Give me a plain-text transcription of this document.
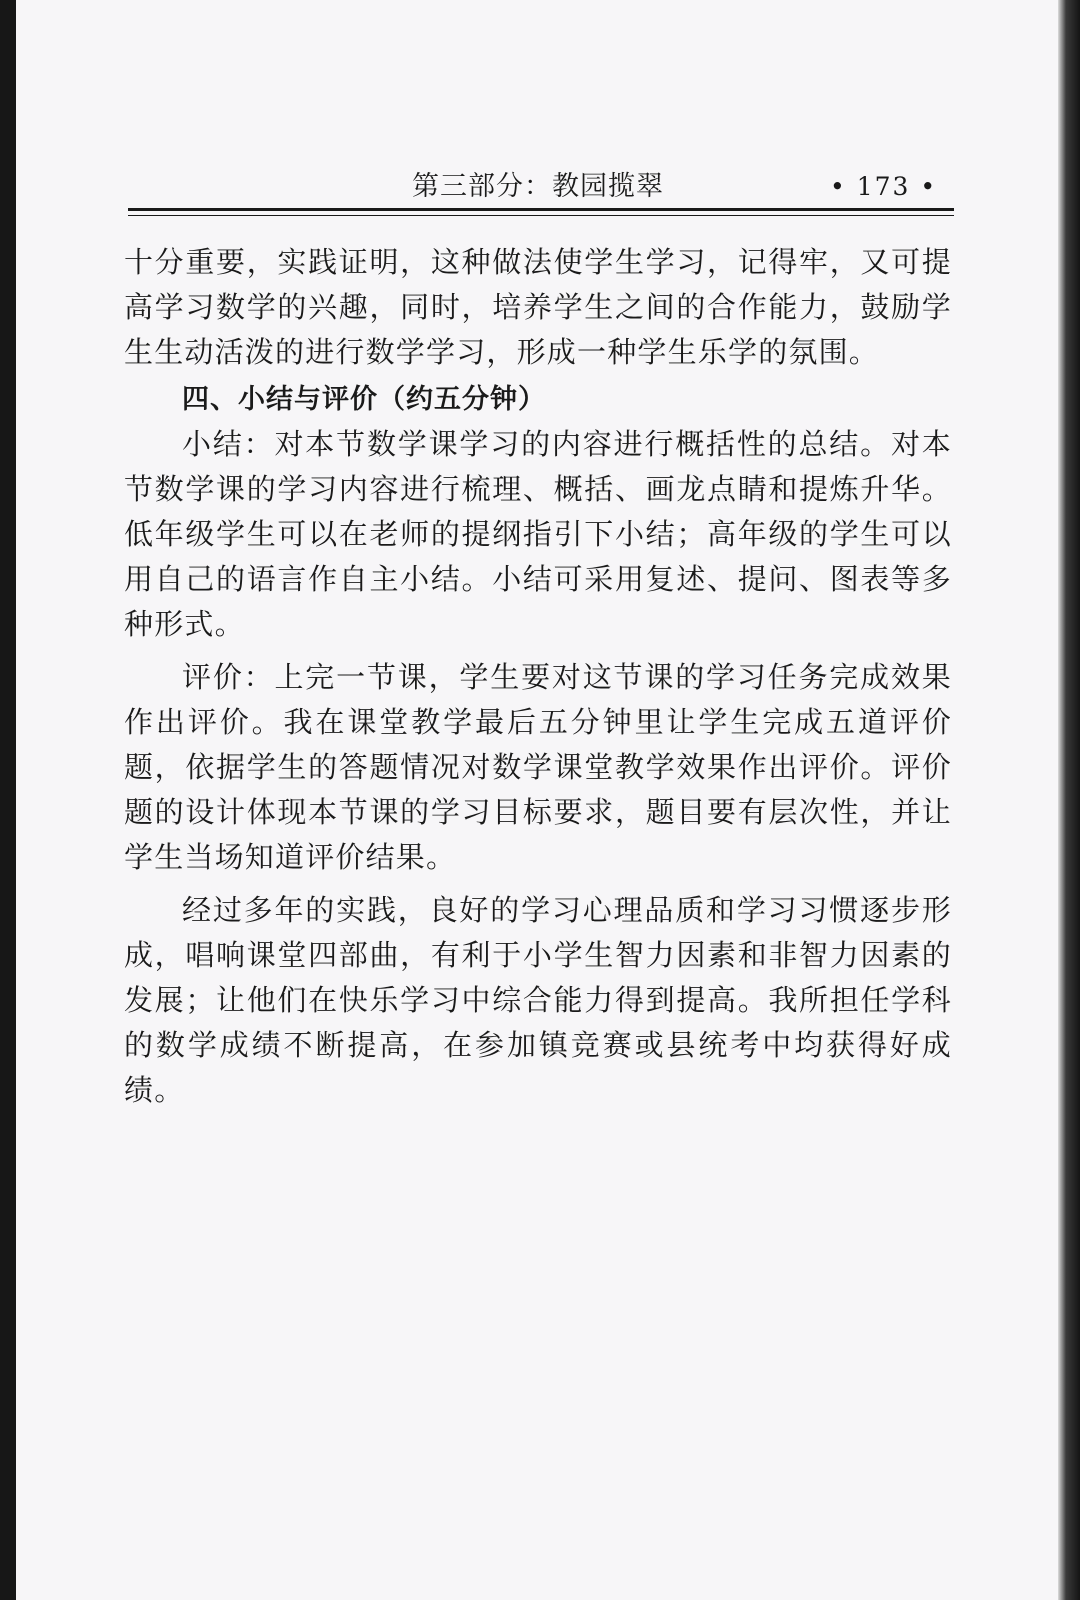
第三部分：教园揽翠	• 173 •

十分重要，实践证明，这种做法使学生学习，记得牢，又可提高学习数学的兴趣，同时，培养学生之间的合作能力，鼓励学生生动活泼的进行数学学习，形成一种学生乐学的氛围。

四、小结与评价（约五分钟）

小结：对本节数学课学习的内容进行概括性的总结。对本节数学课的学习内容进行梳理、概括、画龙点睛和提炼升华。低年级学生可以在老师的提纲指引下小结；高年级的学生可以用自己的语言作自主小结。小结可采用复述、提问、图表等多种形式。

评价：上完一节课，学生要对这节课的学习任务完成效果作出评价。我在课堂教学最后五分钟里让学生完成五道评价题，依据学生的答题情况对数学课堂教学效果作出评价。评价题的设计体现本节课的学习目标要求，题目要有层次性，并让学生当场知道评价结果。

经过多年的实践，良好的学习心理品质和学习习惯逐步形成，唱响课堂四部曲，有利于小学生智力因素和非智力因素的发展；让他们在快乐学习中综合能力得到提高。我所担任学科的数学成绩不断提高，在参加镇竞赛或县统考中均获得好成绩。
